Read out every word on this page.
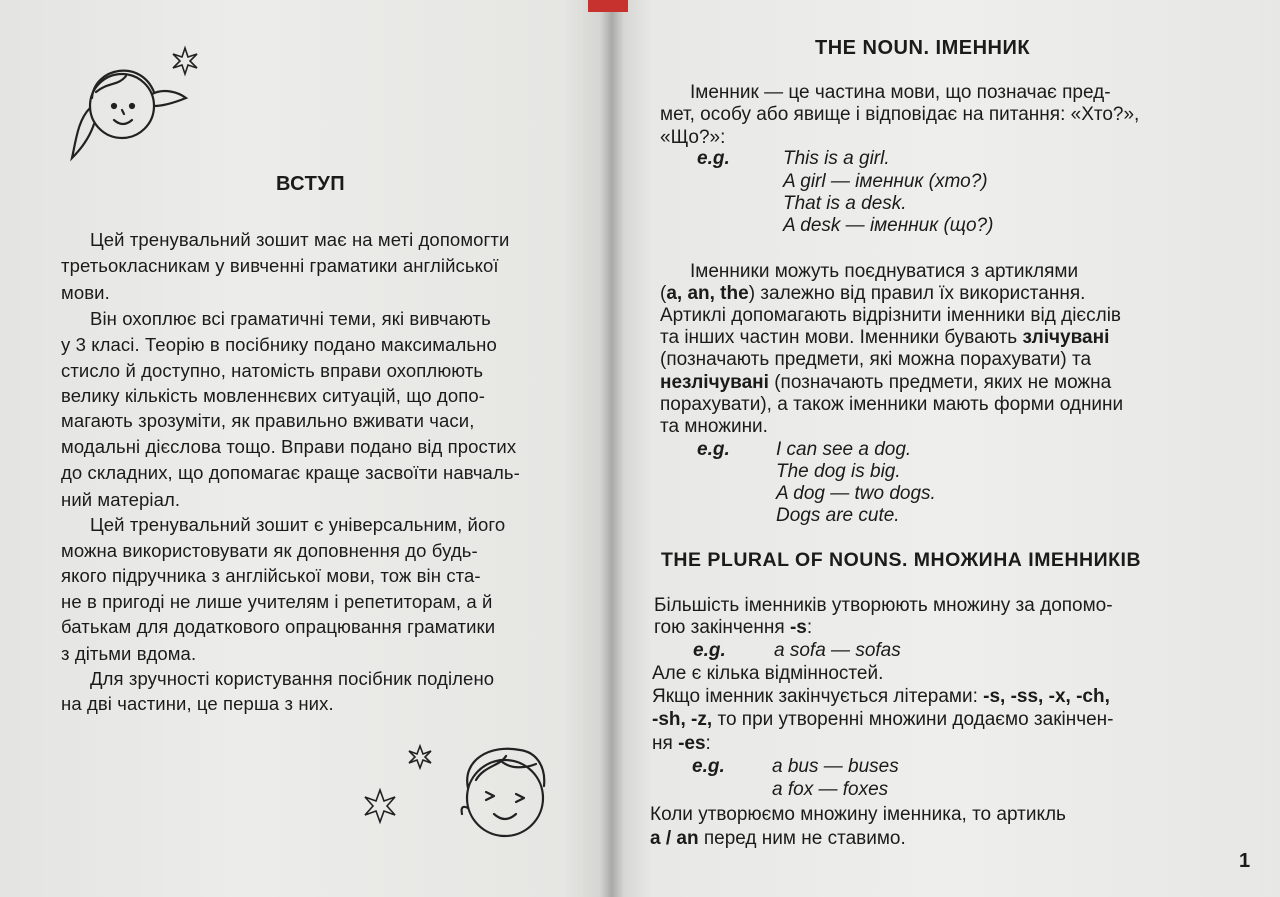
ВСТУП
Цей тренувальний зошит має на меті допомогти
третьокласникам у вивченні граматики англійської
мови.
Він охоплює всі граматичні теми, які вивчають
у 3 класі. Теорію в посібнику подано максимально
стисло й доступно, натомість вправи охоплюють
велику кількість мовленнєвих ситуацій, що допо-
магають зрозуміти, як правильно вживати часи,
модальні дієслова тощо. Вправи подано від простих
до складних, що допомагає краще засвоїти навчаль-
ний матеріал.
Цей тренувальний зошит є універсальним, його
можна використовувати як доповнення до будь-
якого підручника з англійської мови, тож він ста-
не в пригоді не лише учителям і репетиторам, а й
батькам для додаткового опрацювання граматики
з дітьми вдома.
Для зручності користування посібник поділено
на дві частини, це перша з них.
THE NOUN. ІМЕННИК
Іменник — це частина мови, що позначає пред-
мет, особу або явище і відповідає на питання: «Хто?»,
«Що?»:
e.g.	This is a girl.
A girl — іменник (хто?)
That is a desk.
A desk — іменник (що?)
Іменники можуть поєднуватися з артиклями
(a, an, the) залежно від правил їх використання.
Артиклі допомагають відрізнити іменники від дієслів
та інших частин мови. Іменники бувають злічувані
(позначають предмети, які можна порахувати) та
незлічувані (позначають предмети, яких не можна
порахувати), а також іменники мають форми однини
та множини.
e.g. I can see a dog.
The dog is big.
A dog — two dogs.
Dogs are cute.
THE PLURAL OF NOUNS. МНОЖИНА ІМЕННИКІВ
Більшість іменників утворюють множину за допомо-
гою закінчення -s:
e.g.	a sofa — sofas
Але є кілька відмінностей.
Якщо іменник закінчується літерами: -s, -ss, -x, -ch,
-sh, -z, то при утворенні множини додаємо закінчен-
ня -es:
e.g. a bus — buses
a fox — foxes
Коли утворюємо множину іменника, то артикль
a / an перед ним не ставимо.
1
